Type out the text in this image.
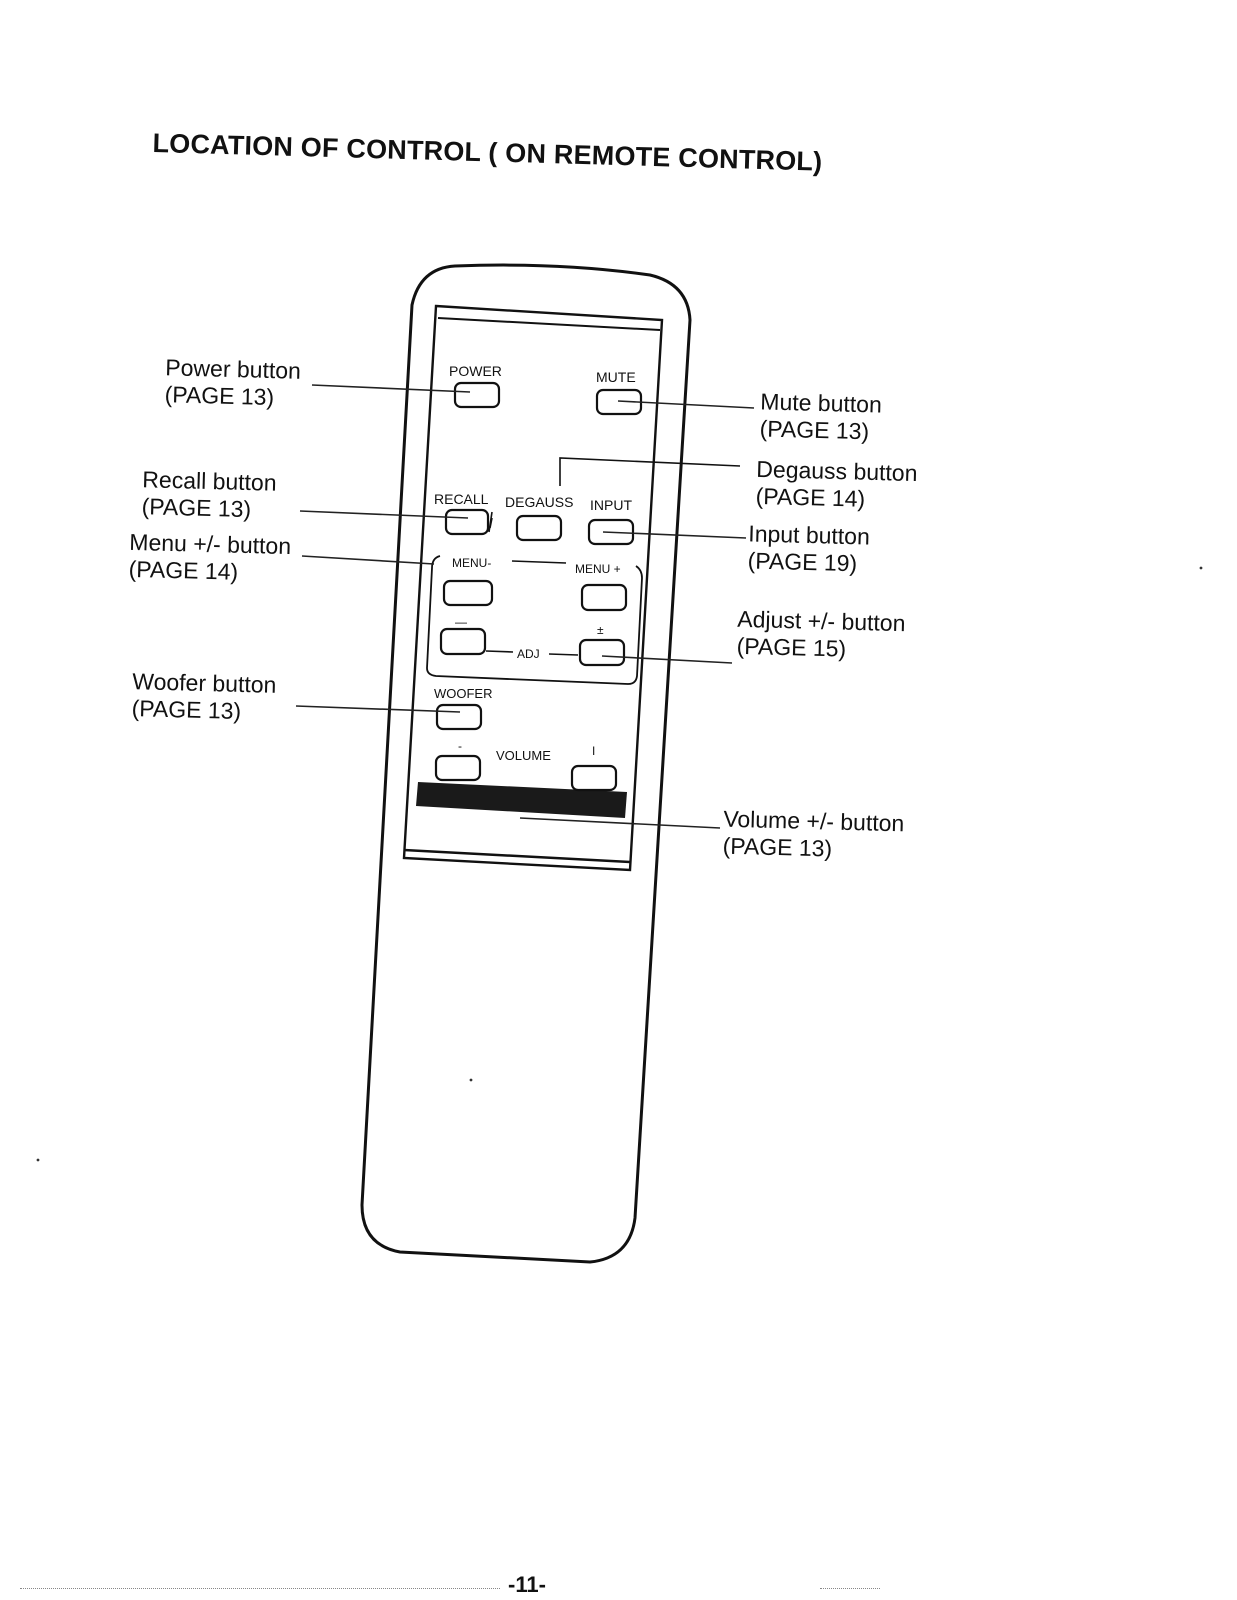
LOCATION OF CONTROL ( ON REMOTE CONTROL)
POWER	MUTE
RECALL DEGAUSS INPUT
MENU-	MENU +
—
±
ADJ
WOOFER
VOLUME
-	I
Power button
(PAGE 13)
Recall button
(PAGE 13)
Menu +/- button
(PAGE 14)
Woofer button
(PAGE 13)
Mute button
(PAGE 13)
Degauss button
(PAGE 14)
Input button
(PAGE 19)
Adjust +/- button
(PAGE 15)
Volume +/- button
(PAGE 13)
-11-
